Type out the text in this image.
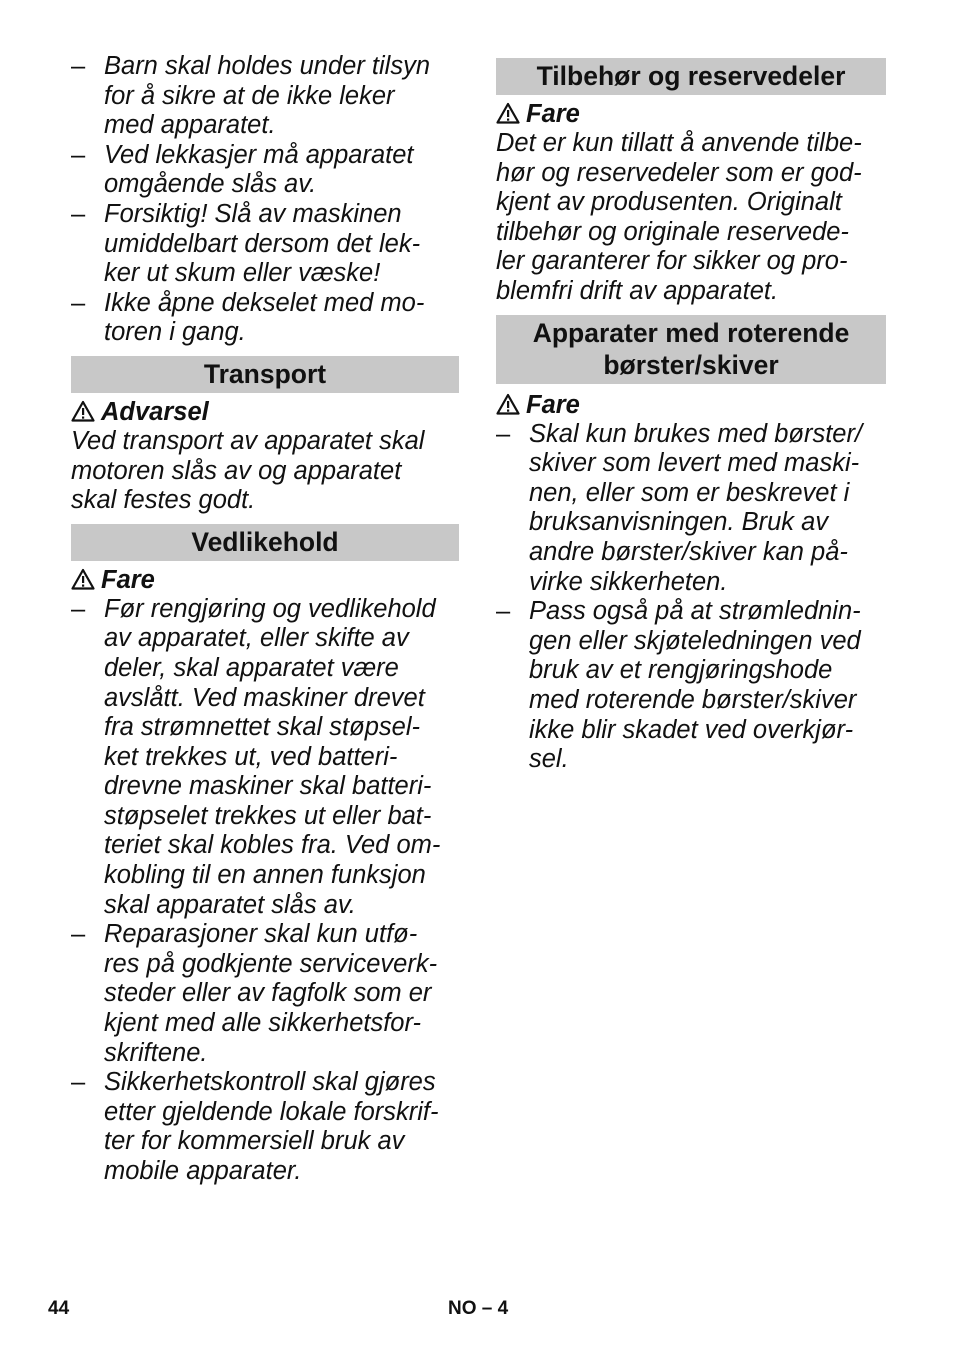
– Barn skal holdes under tilsyn
for å sikre at de ikke leker
med apparatet.
– Ved lekkasjer må apparatet
omgående slås av.
– Forsiktig! Slå av maskinen
umiddelbart dersom det lek-
ker ut skum eller væske!
– Ikke åpne dekselet med mo-
toren i gang.
Transport
Advarsel
Ved transport av apparatet skal
motoren slås av og apparatet
skal festes godt.
Vedlikehold
Fare
– Før rengjøring og vedlikehold
av apparatet, eller skifte av
deler, skal apparatet være
avslått. Ved maskiner drevet
fra strømnettet skal støpsel-
ket trekkes ut, ved batteri-
drevne maskiner skal batteri-
støpselet trekkes ut eller bat-
teriet skal kobles fra. Ved om-
kobling til en annen funksjon
skal apparatet slås av.
– Reparasjoner skal kun utfø-
res på godkjente serviceverk-
steder eller av fagfolk som er
kjent med alle sikkerhetsfor-
skriftene.
– Sikkerhetskontroll skal gjøres
etter gjeldende lokale forskrif-
ter for kommersiell bruk av
mobile apparater.
Tilbehør og reservedeler
Fare
Det er kun tillatt å anvende tilbe-
hør og reservedeler som er god-
kjent av produsenten. Originalt
tilbehør og originale reservede-
ler garanterer for sikker og pro-
blemfri drift av apparatet.
Apparater med roterende
børster/skiver
Fare
– Skal kun brukes med børster/
skiver som levert med maski-
nen, eller som er beskrevet i
bruksanvisningen. Bruk av
andre børster/skiver kan på-
virke sikkerheten.
– Pass også på at strømlednin-
gen eller skjøteledningen ved
bruk av et rengjøringshode
med roterende børster/skiver
ikke blir skadet ved overkjør-
sel.
44	NO – 4
